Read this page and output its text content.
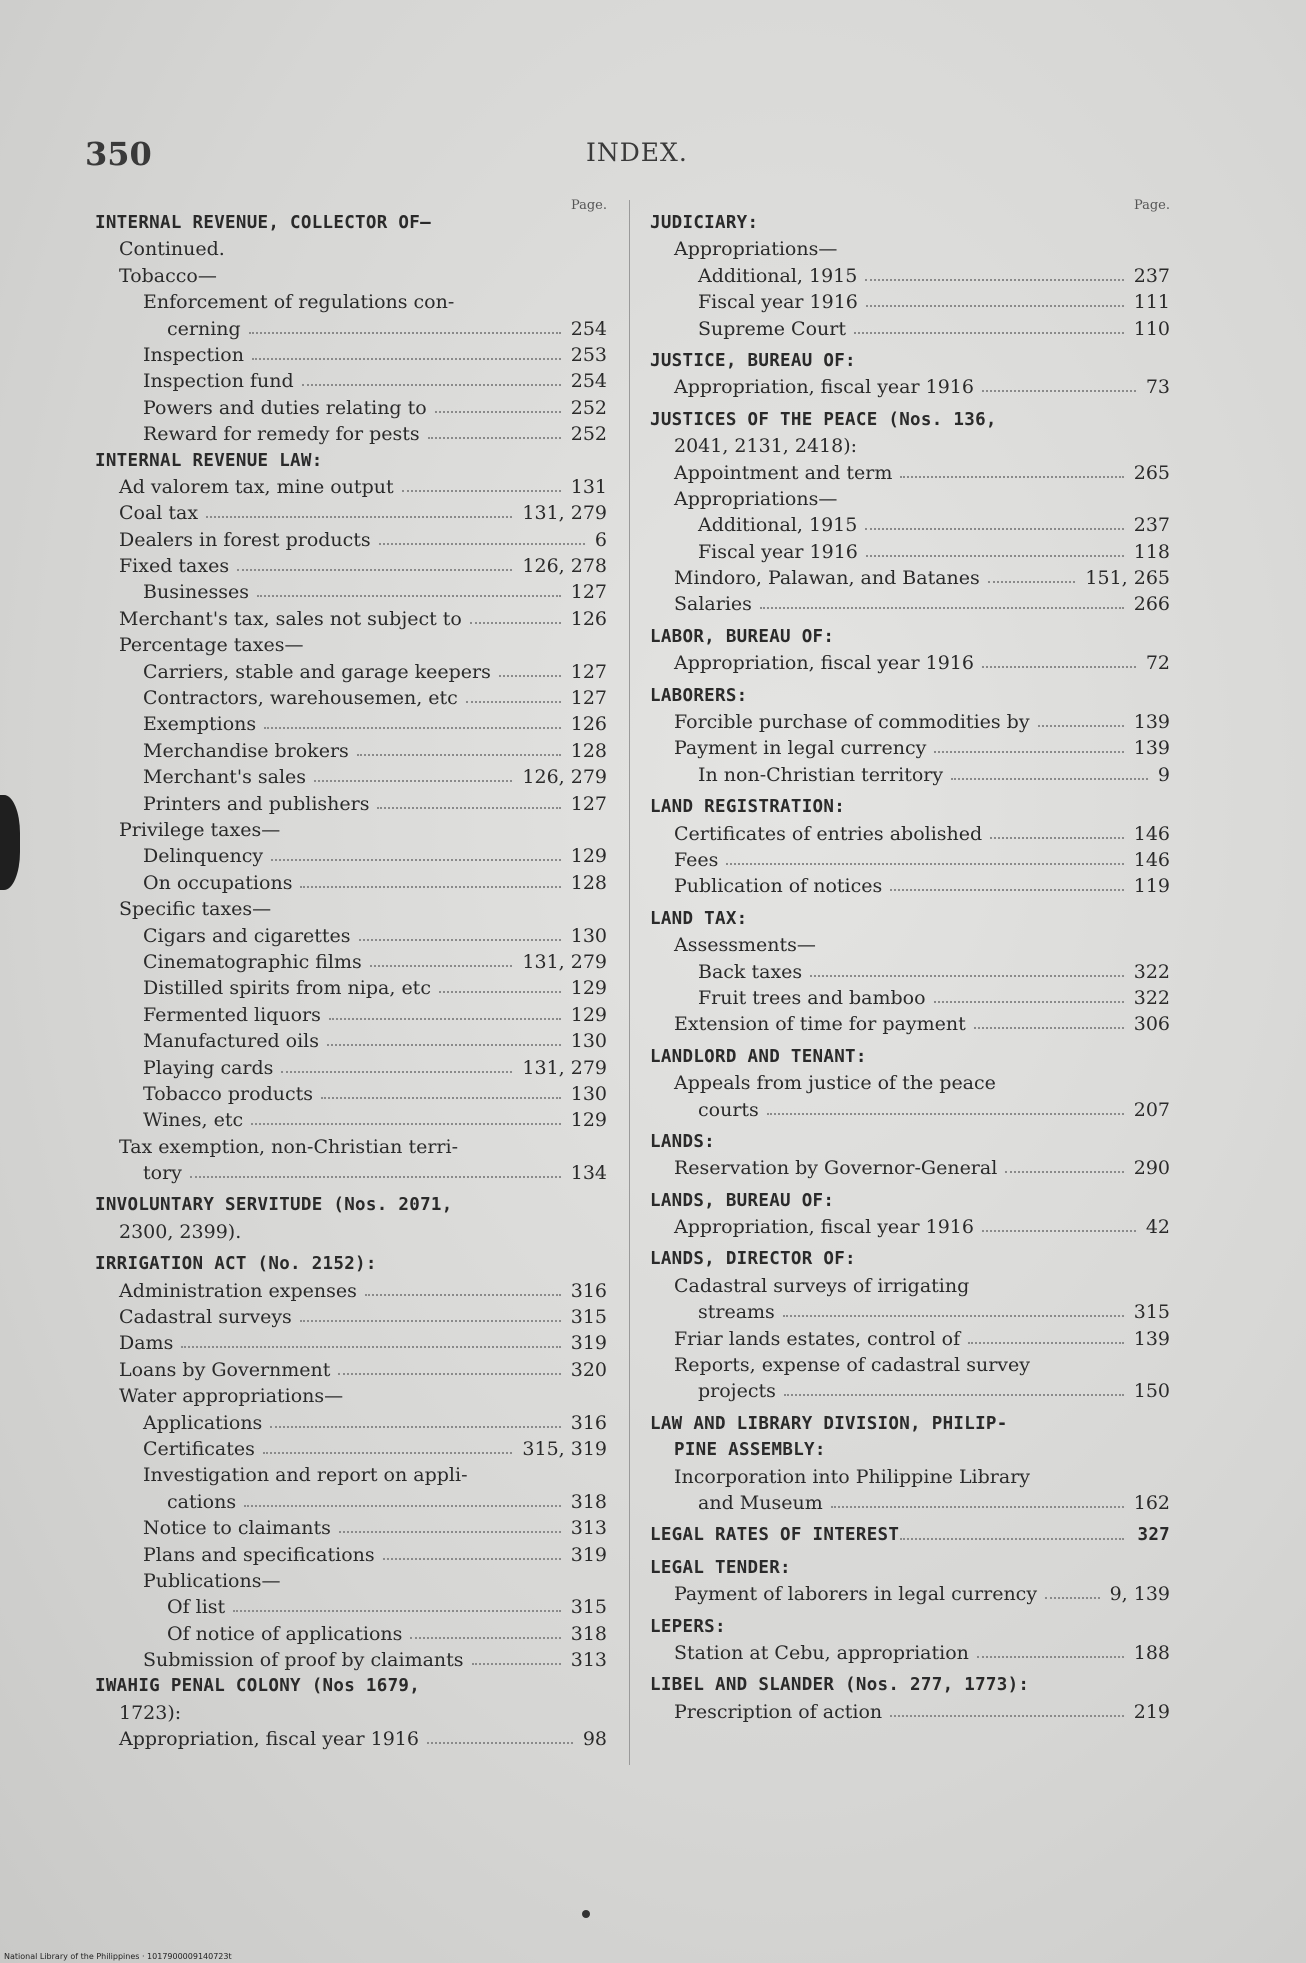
350	INDEX.
Page.
INTERNAL REVENUE, COLLECTOR OF—
Continued.
Tobacco—
Enforcement of regulations con-
cerning	254
Inspection	253
Inspection fund	254
Powers and duties relating to	252
Reward for remedy for pests	252
INTERNAL REVENUE LAW:
Ad valorem tax, mine output	131
Coal tax	131, 279
Dealers in forest products	6
Fixed taxes	126, 278
Businesses	127
Merchant's tax, sales not subject to	126
Percentage taxes—
Carriers, stable and garage keepers	127
Contractors, warehousemen, etc	127
Exemptions	126
Merchandise brokers	128
Merchant's sales	126, 279
Printers and publishers	127
Privilege taxes—
Delinquency	129
On occupations	128
Specific taxes—
Cigars and cigarettes	130
Cinematographic films	131, 279
Distilled spirits from nipa, etc	129
Fermented liquors	129
Manufactured oils	130
Playing cards	131, 279
Tobacco products	130
Wines, etc	129
Tax exemption, non-Christian terri-
tory	134
INVOLUNTARY SERVITUDE (Nos. 2071,
2300, 2399).
IRRIGATION ACT (No. 2152):
Administration expenses	316
Cadastral surveys	315
Dams	319
Loans by Government	320
Water appropriations—
Applications	316
Certificates	315, 319
Investigation and report on appli-
cations	318
Notice to claimants	313
Plans and specifications	319
Publications—
Of list	315
Of notice of applications	318
Submission of proof by claimants	313
IWAHIG PENAL COLONY (Nos 1679,
1723):
Appropriation, fiscal year 1916	98
Page.
JUDICIARY:
Appropriations—
Additional, 1915	237
Fiscal year 1916	111
Supreme Court	110
JUSTICE, BUREAU OF:
Appropriation, fiscal year 1916	73
JUSTICES OF THE PEACE (Nos. 136,
2041, 2131, 2418):
Appointment and term	265
Appropriations—
Additional, 1915	237
Fiscal year 1916	118
Mindoro, Palawan, and Batanes	151, 265
Salaries	266
LABOR, BUREAU OF:
Appropriation, fiscal year 1916	72
LABORERS:
Forcible purchase of commodities by	139
Payment in legal currency	139
In non-Christian territory	9
LAND REGISTRATION:
Certificates of entries abolished	146
Fees	146
Publication of notices	119
LAND TAX:
Assessments—
Back taxes	322
Fruit trees and bamboo	322
Extension of time for payment	306
LANDLORD AND TENANT:
Appeals from justice of the peace
courts	207
LANDS:
Reservation by Governor-General	290
LANDS, BUREAU OF:
Appropriation, fiscal year 1916	42
LANDS, DIRECTOR OF:
Cadastral surveys of irrigating
streams	315
Friar lands estates, control of	139
Reports, expense of cadastral survey
projects	150
LAW AND LIBRARY DIVISION, PHILIP-
PINE ASSEMBLY:
Incorporation into Philippine Library
and Museum	162
LEGAL RATES OF INTEREST	327
LEGAL TENDER:
Payment of laborers in legal currency	9, 139
LEPERS:
Station at Cebu, appropriation	188
LIBEL AND SLANDER (Nos. 277, 1773):
Prescription of action	219
National Library of the Philippines · 1017900009140723t
